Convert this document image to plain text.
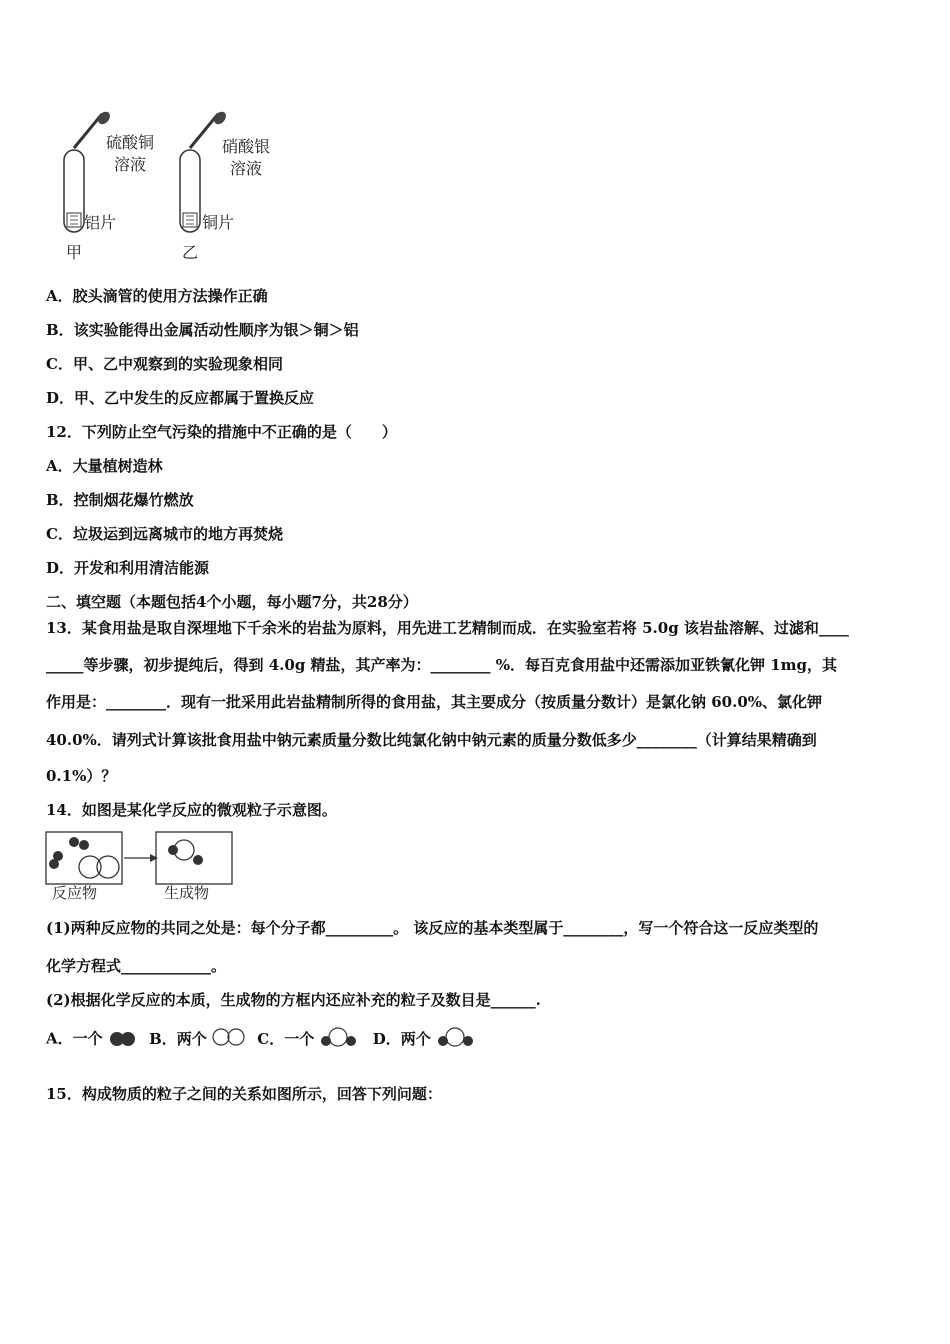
硫酸铜
溶液
铝片
甲
硝酸银
溶液
铜片
乙
A．胶头滴管的使用方法操作正确
B．该实验能得出金属活动性顺序为银＞铜＞铝
C．甲、乙中观察到的实验现象相同
D．甲、乙中发生的反应都属于置换反应
12．下列防止空气污染的措施中不正确的是（　　）
A．大量植树造林
B．控制烟花爆竹燃放
C．垃圾运到远离城市的地方再焚烧
D．开发和利用清洁能源
二、填空题（本题包括4个小题，每小题7分，共28分）
13．某食用盐是取自深埋地下千余米的岩盐为原料，用先进工艺精制而成．在实验室若将 5.0g 该岩盐溶解、过滤和____
_____等步骤，初步提纯后，得到 4.0g 精盐，其产率为：________ %．每百克食用盐中还需添加亚铁氰化钾 1mg，其
作用是：________．现有一批采用此岩盐精制所得的食用盐，其主要成分（按质量分数计）是氯化钠 60.0%、氯化钾
40.0%．请列式计算该批食用盐中钠元素质量分数比纯氯化钠中钠元素的质量分数低多少________（计算结果精确到
0.1%）？
14．如图是某化学反应的微观粒子示意图。
反应物	生成物
(1)两种反应物的共同之处是：每个分子都_________。 该反应的基本类型属于________，写一个符合这一反应类型的
化学方程式____________。
(2)根据化学反应的本质，生成物的方框内还应补充的粒子及数目是______.
A．一个	B．两个	C．一个	D．两个
15．构成物质的粒子之间的关系如图所示，回答下列问题：
